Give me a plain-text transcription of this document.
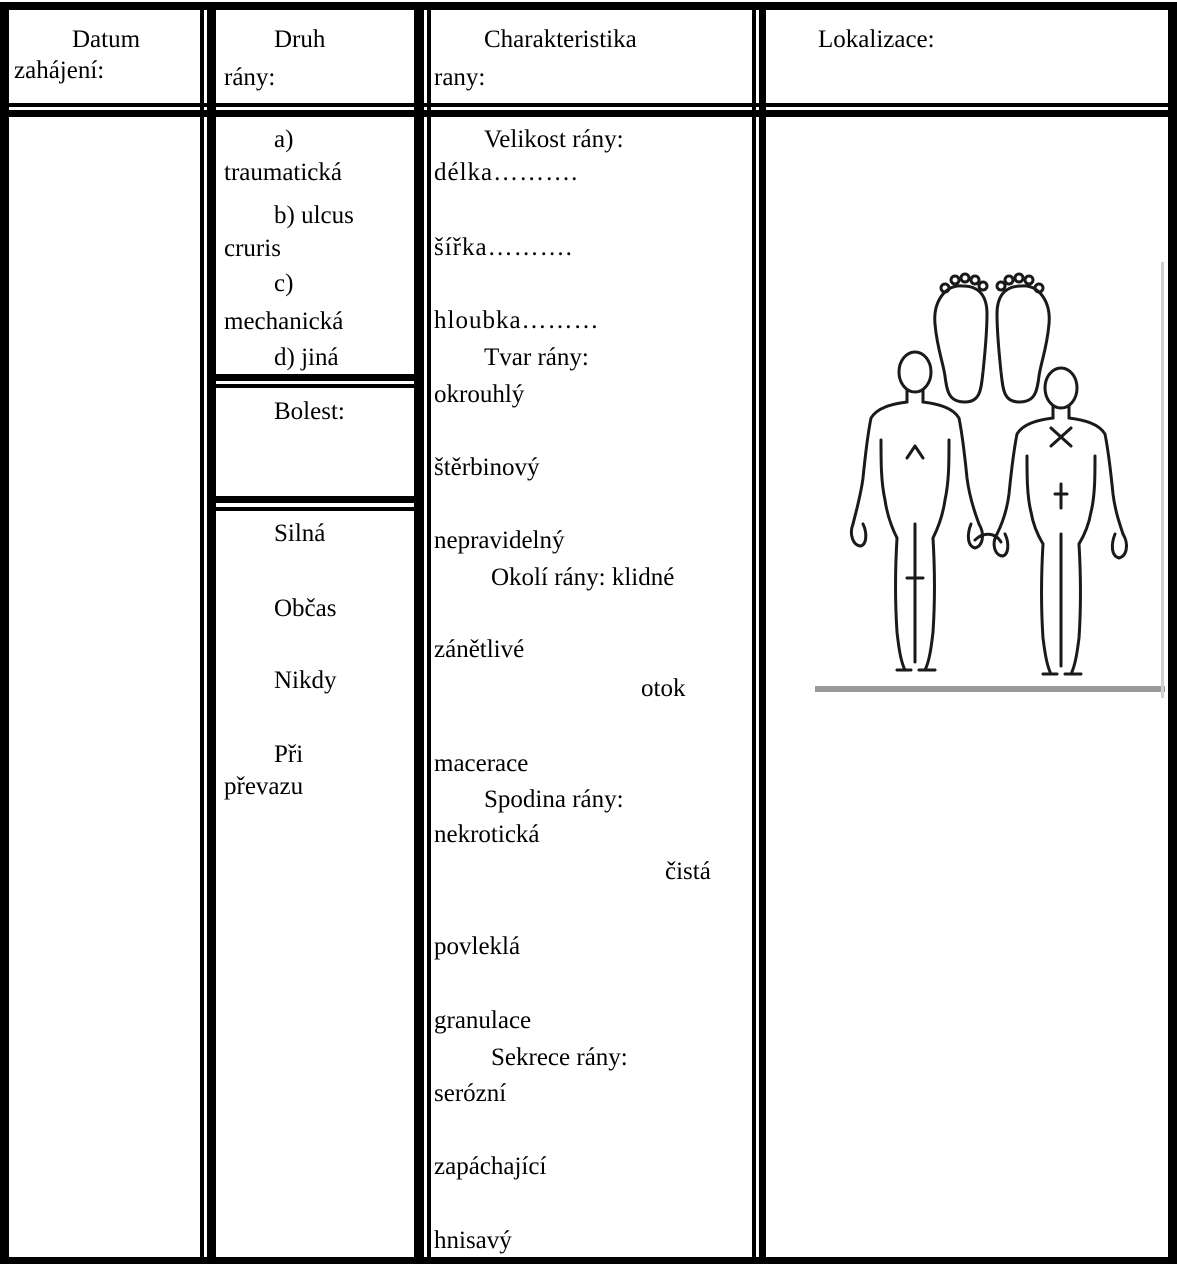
Datum
zahájení:
Druh
rány:
Charakteristika
rany:
Lokalizace:
a)
traumatická
b) ulcus
cruris
c)
mechanická
d) jiná
Bolest:
Silná
Občas
Nikdy
Při
převazu
Velikost rány:
délka……….
šířka……….
hloubka………
Tvar rány:
okrouhlý
štěrbinový
nepravidelný
Okolí rány: klidné
zánětlivé
otok
macerace
Spodina rány:
nekrotická
čistá
povleklá
granulace
Sekrece rány:
serózní
zapáchající
hnisavý
